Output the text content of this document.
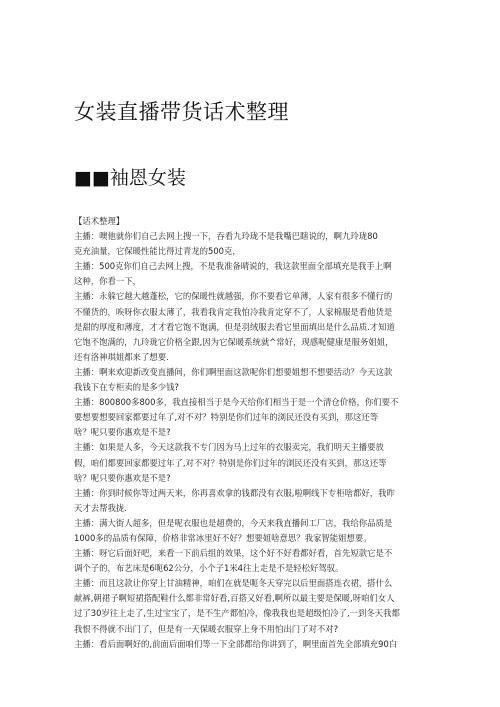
女装直播带货话术整理
■■袖恩女装

【话术整理】

主播：噢他就你们自己去网上搜一下，吞看九玲珑不是我嘴巴瞎说的，啊九玲珑80
克充油量，它保暖性能比得过青龙的500克，

主播：500克你们自己去网上搜，不是我准备晴说的，我这款里面全部填充是我手上啊
这种，你看一下，

主播：永躲它越大越蓬松，它的保暖性就越强，你不要看它单薄，人家有很多不懂行的
不懂货的，唉呀你衣服太薄了，我看我肯定我怕冷我肯定穿不了，人家棉服是看他货是
是甜的厚度和薄度，才才看它饱不饱满，但是羽绒服去看它里面填出是什么品质.才知道
它饱不饱满的，九玲珑它价格全跟,因为它保暖系统就^常好，现感呢健康是服务姐姐，
还有洛神琪姐都来了想要.

主播：啊来欢迎新改变直播间，你们啊里面这款呢你们想要姐想不想要活动？今天这款
我钱下在专柜卖的是多少钱?

主播：800800多800多，我直接相当于是今天给你们相当于是一个清仓价格，你们要不
要想要想要回家都要过年了,对不对？特别是你们过年的浏民还没有买到，那这还等
啥？呢只要你惠欢是不是?

主播：如果是人多，今天这款我不专门因为马上过年的衣服卖完，我们明天主播要放
假，咱们都要回家都要过年了,对不对？特别是你们过年的浏民还没有买到，那这还等
啥？呢只要你惠欢是不是?

主播：你到时候你等过两天来，你再喜欢拿的钱都没有衣服,啦啊线下专柜啥都好，我昨
天才去帮我拢.

主播：满大街人超多，但是呢衣服也是超费的，今天来我直播间工厂店，我给你品质是
1000多的品质有保障，价格非常冰里好不好？想要姐啥意思？我家智能姐想要。

主播：呀它后面好吧，来看一下前后组的效果，这个好不好看都好看，首先短款它是不
调个子的，布艺床是6呃62公分，小个子1米4往上走是不是轻松好驾驭。

主播：而且这款让你穿上甘油精神，咱们在就是呃冬天穿完以后里面搭连衣裙，搭什么
献裤,朝裙子啊短裙搭配鞋什么都非常好看,百搭又好看,啊所以最主要是保暖,呀咱们女人
过了30岁往上走了,生过宝宝了，是不生产都怕冷，像我我也是超级怕冷了,一到冬天我都
我恨不得就不出门了，但是有一天保暖衣服穿上身不用怕出门了对不对?

主播：看后面啊好的,前面后面咱们等一下全部都给你讲到了，啊里面首先全部填充90白
